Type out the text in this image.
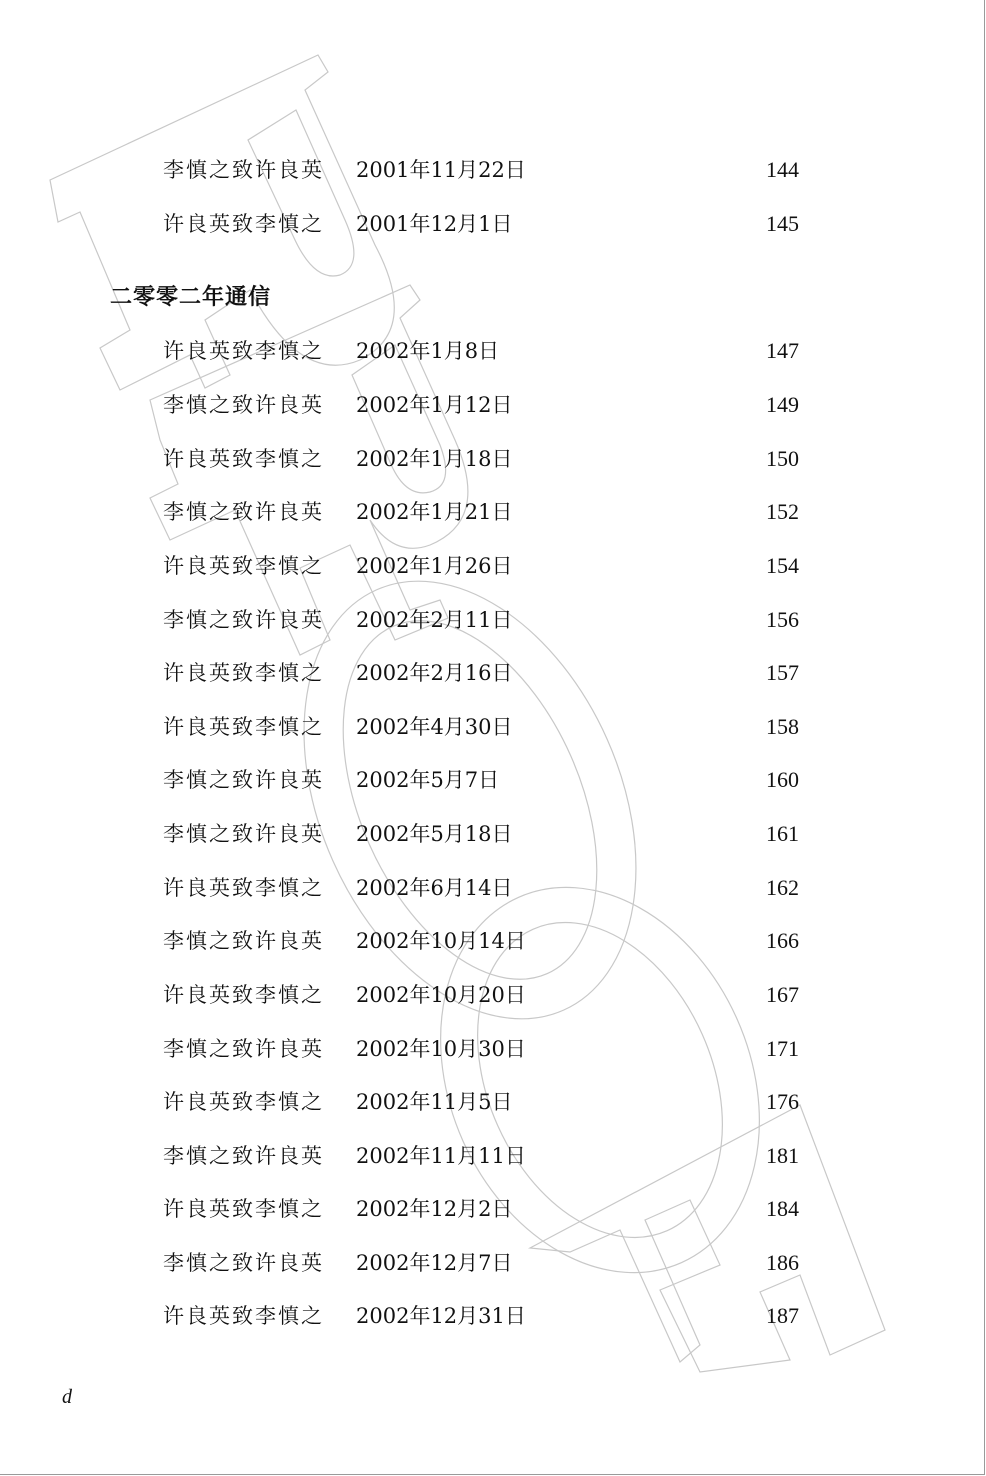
李慎之致许良英 2001年11月22日	144
许良英致李慎之 2001年12月1日	145
二零零二年通信
许良英致李慎之 2002年1月8日	147
李慎之致许良英 2002年1月12日	149
许良英致李慎之 2002年1月18日	150
李慎之致许良英 2002年1月21日	152
许良英致李慎之 2002年1月26日	154
李慎之致许良英 2002年2月11日	156
许良英致李慎之 2002年2月16日	157
许良英致李慎之 2002年4月30日	158
李慎之致许良英 2002年5月7日	160
李慎之致许良英 2002年5月18日	161
许良英致李慎之 2002年6月14日	162
李慎之致许良英 2002年10月14日	166
许良英致李慎之 2002年10月20日	167
李慎之致许良英 2002年10月30日	171
许良英致李慎之 2002年11月5日	176
李慎之致许良英 2002年11月11日	181
许良英致李慎之 2002年12月2日	184
李慎之致许良英 2002年12月7日	186
许良英致李慎之 2002年12月31日	187
d
